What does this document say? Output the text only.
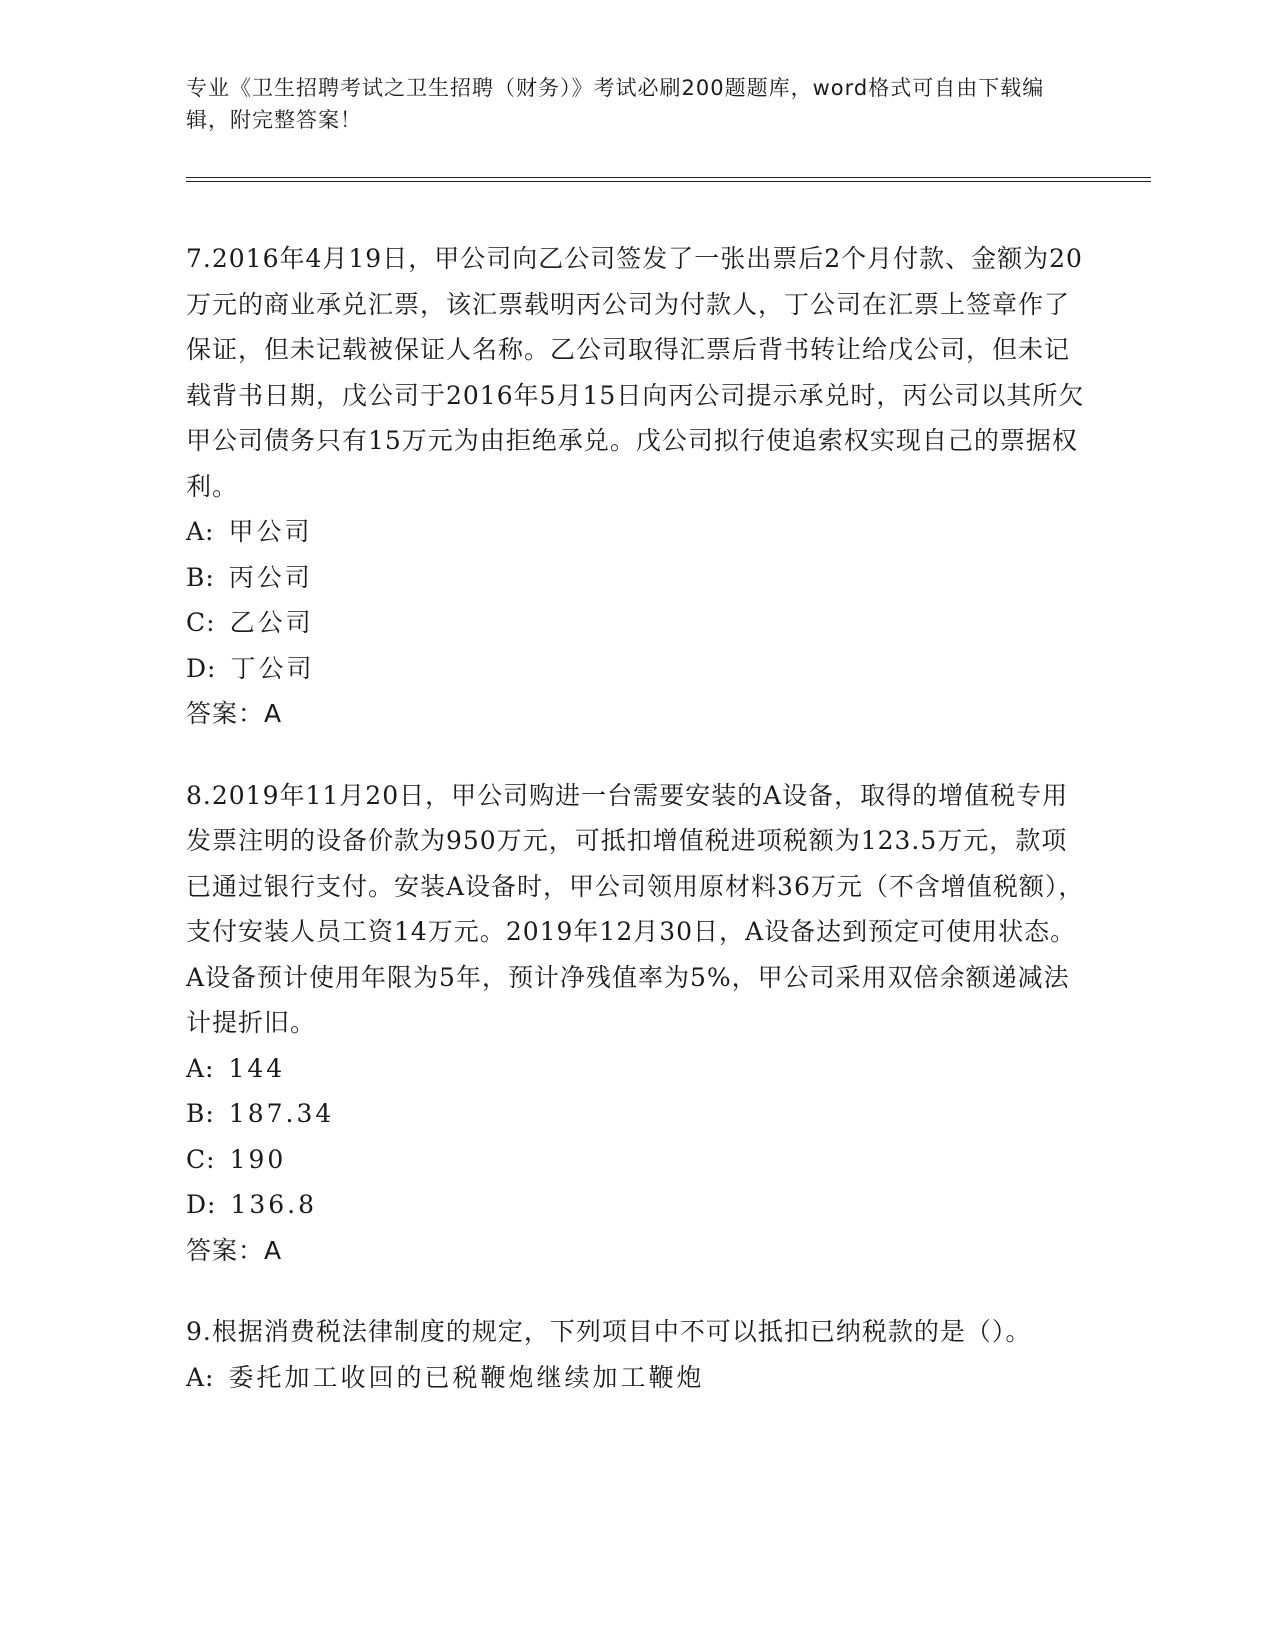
专业《卫生招聘考试之卫生招聘（财务）》考试必刷200题题库，word格式可自由下载编辑，附完整答案！

7.2016年4月19日，甲公司向乙公司签发了一张出票后2个月付款、金额为20万元的商业承兑汇票，该汇票载明丙公司为付款人，丁公司在汇票上签章作了保证，但未记载被保证人名称。乙公司取得汇票后背书转让给戊公司，但未记载背书日期，戊公司于2016年5月15日向丙公司提示承兑时，丙公司以其所欠甲公司债务只有15万元为由拒绝承兑。戊公司拟行使追索权实现自己的票据权利。

A: 甲公司

B: 丙公司

C: 乙公司

D: 丁公司

答案：A

8.2019年11月20日，甲公司购进一台需要安装的A设备，取得的增值税专用发票注明的设备价款为950万元，可抵扣增值税进项税额为123.5万元，款项已通过银行支付。安装A设备时，甲公司领用原材料36万元（不含增值税额），支付安装人员工资14万元。2019年12月30日，A设备达到预定可使用状态。A设备预计使用年限为5年，预计净残值率为5%，甲公司采用双倍余额递减法计提折旧。

A: 144

B: 187.34

C: 190

D: 136.8

答案：A

9.根据消费税法律制度的规定，下列项目中不可以抵扣已纳税款的是（）。

A: 委托加工收回的已税鞭炮继续加工鞭炮
